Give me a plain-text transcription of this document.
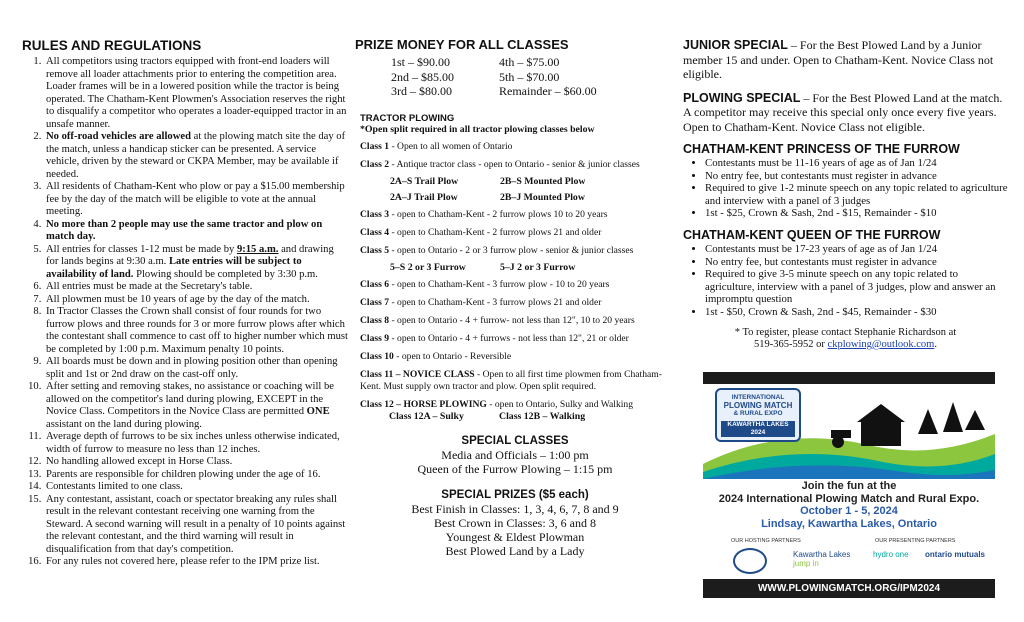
RULES AND REGULATIONS
1. All competitors using tractors equipped with front-end loaders will remove all loader attachments prior to entering the competition area. Loader frames will be in a lowered position while the tractor is being operated. The Chatham-Kent Plowmen's Association reserves the right to disqualify a competitor who operates a loader-equipped tractor in an unsafe manner.
2. No off-road vehicles are allowed at the plowing match site the day of the match, unless a handicap sticker can be presented. A service vehicle, driven by the steward or CKPA Member, may be available if needed.
3. All residents of Chatham-Kent who plow or pay a $15.00 membership fee by the day of the match will be eligible to vote at the annual meeting.
4. No more than 2 people may use the same tractor and plow on match day.
5. All entries for classes 1-12 must be made by 9:15 a.m. and drawing for lands begins at 9:30 a.m. Late entries will be subject to availability of land. Plowing should be completed by 3:30 p.m.
6. All entries must be made at the Secretary's table.
7. All plowmen must be 10 years of age by the day of the match.
8. In Tractor Classes the Crown shall consist of four rounds for two furrow plows and three rounds for 3 or more furrow plows after which the contestant shall commence to cast off to higher number which must be completed by 1:00 p.m. Maximum penalty 10 points.
9. All boards must be down and in plowing position other than opening split and 1st or 2nd draw on the cast-off only.
10. After setting and removing stakes, no assistance or coaching will be allowed on the competitor's land during plowing, EXCEPT in the Novice Class. Competitors in the Novice Class are permitted ONE assistant on the land during plowing.
11. Average depth of furrows to be six inches unless otherwise indicated, width of furrow to measure no less than 12 inches.
12. No handling allowed except in Horse Class.
13. Parents are responsible for children plowing under the age of 16.
14. Contestants limited to one class.
15. Any contestant, assistant, coach or spectator breaking any rules shall result in the relevant contestant receiving one warning from the Steward. A second warning will result in a penalty of 10 points against the relevant contestant, and the third warning will result in disqualification from that day's competition.
16. For any rules not covered here, please refer to the IPM prize list.
PRIZE MONEY FOR ALL CLASSES
1st – $90.00	4th – $75.00
2nd – $85.00	5th – $70.00
3rd – $80.00	Remainder – $60.00
TRACTOR PLOWING
*Open split required in all tractor plowing classes below
Class 1 - Open to all women of Ontario
Class 2 - Antique tractor class - open to Ontario - senior & junior classes
2A–S Trail Plow	2B–S Mounted Plow
2A–J Trail Plow	2B–J Mounted Plow
Class 3 - open to Chatham-Kent - 2 furrow plows 10 to 20 years
Class 4 - open to Chatham-Kent - 2 furrow plows 21 and older
Class 5 - open to Ontario - 2 or 3 furrow plow - senior & junior classes
5–S 2 or 3 Furrow	5–J 2 or 3 Furrow
Class 6 - open to Chatham-Kent - 3 furrow plow - 10 to 20 years
Class 7 - open to Chatham-Kent - 3 furrow plows 21 and older
Class 8 - open to Ontario - 4 + furrow- not less than 12", 10 to 20 years
Class 9 - open to Ontario - 4 + furrows - not less than 12", 21 or older
Class 10 - open to Ontario - Reversible
Class 11 – NOVICE CLASS - Open to all first time plowmen from Chatham-Kent. Must supply own tractor and plow. Open split required.
Class 12 – HORSE PLOWING - open to Ontario, Sulky and Walking
Class 12A – Sulky	Class 12B – Walking
SPECIAL CLASSES
Media and Officials – 1:00 pm
Queen of the Furrow Plowing – 1:15 pm
SPECIAL PRIZES ($5 each)
Best Finish in Classes: 1, 3, 4, 6, 7, 8 and 9
Best Crown in Classes: 3, 6 and 8
Youngest & Eldest Plowman
Best Plowed Land by a Lady
JUNIOR SPECIAL – For the Best Plowed Land by a Junior member 15 and under. Open to Chatham-Kent. Novice Class not eligible.
PLOWING SPECIAL – For the Best Plowed Land at the match. A competitor may receive this special only once every five years. Open to Chatham-Kent. Novice Class not eligible.
CHATHAM-KENT PRINCESS OF THE FURROW
• Contestants must be 11-16 years of age as of Jan 1/24
• No entry fee, but contestants must register in advance
• Required to give 1-2 minute speech on any topic related to agriculture and interview with a panel of 3 judges
• 1st - $25, Crown & Sash, 2nd - $15, Remainder - $10
CHATHAM-KENT QUEEN OF THE FURROW
• Contestants must be 17-23 years of age as of Jan 1/24
• No entry fee, but contestants must register in advance
• Required to give 3-5 minute speech on any topic related to agriculture, interview with a panel of 3 judges, plow and answer an impromptu question
• 1st - $50, Crown & Sash, 2nd - $45, Remainder - $30
* To register, please contact Stephanie Richardson at
519-365-5952 or ckplowing@outlook.com.
INTERNATIONAL
PLOWING MATCH
& RURAL EXPO
KAWARTHA LAKES 2024
Join the fun at the
2024 International Plowing Match and Rural Expo.
October 1 - 5, 2024
Lindsay, Kawartha Lakes, Ontario
OUR HOSTING PARTNERS	OUR PRESENTING PARTNERS
Kawartha Lakes
jump in
hydro one ontario mutuals
WWW.PLOWINGMATCH.ORG/IPM2024
